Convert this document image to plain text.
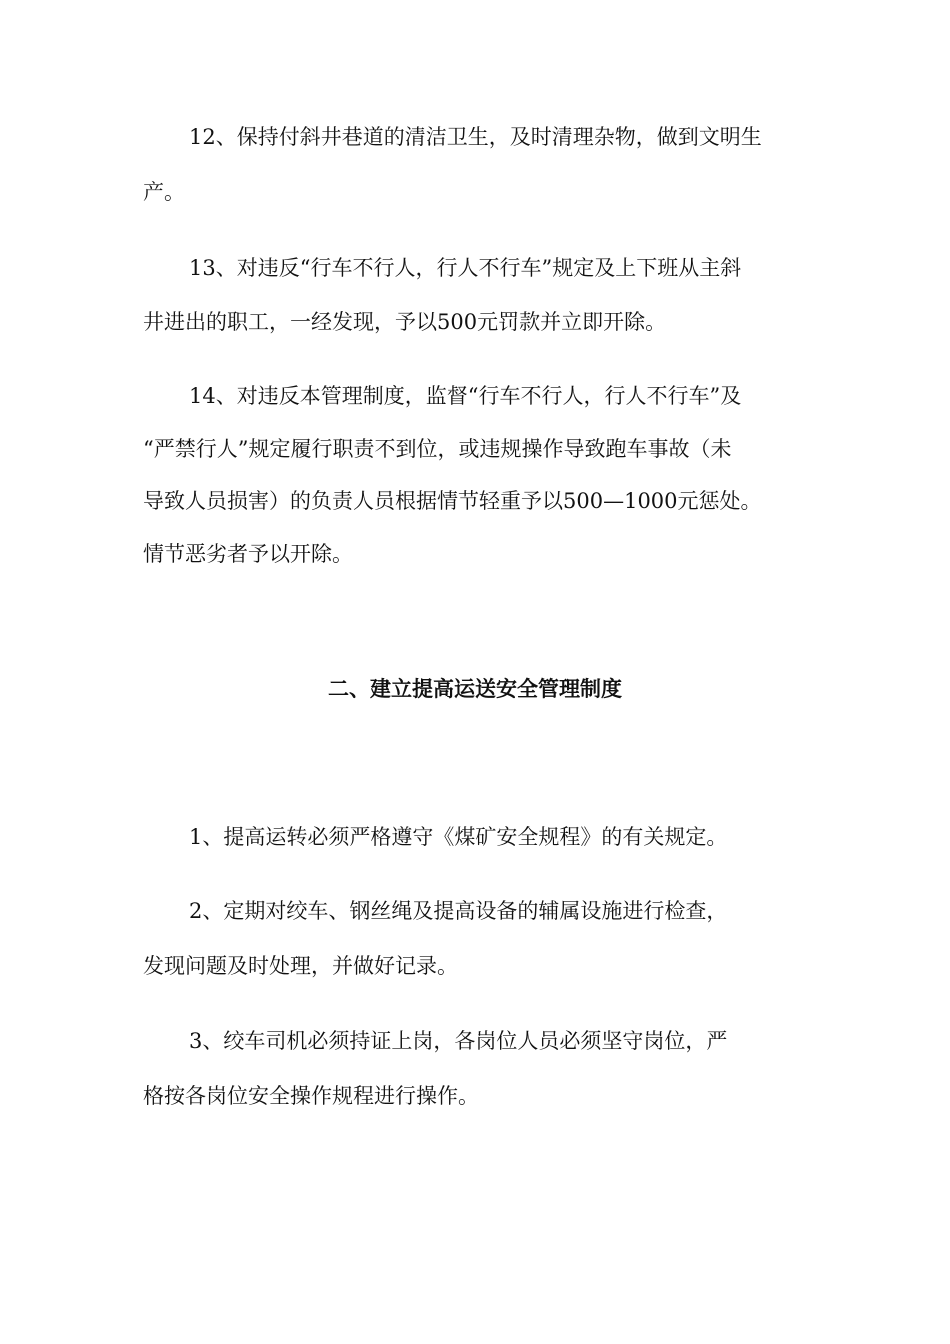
12、保持付斜井巷道的清洁卫生，及时清理杂物，做到文明生

产。

13、对违反“行车不行人，行人不行车”规定及上下班从主斜

井进出的职工，一经发现，予以500元罚款并立即开除。

14、对违反本管理制度，监督“行车不行人，行人不行车”及

“严禁行人”规定履行职责不到位，或违规操作导致跑车事故（未

导致人员损害）的负责人员根据情节轻重予以500—1000元惩处。

情节恶劣者予以开除。

二、建立提高运送安全管理制度

1、提高运转必须严格遵守《煤矿安全规程》的有关规定。

2、定期对绞车、钢丝绳及提高设备的辅属设施进行检查，

发现问题及时处理，并做好记录。

3、绞车司机必须持证上岗，各岗位人员必须坚守岗位，严

格按各岗位安全操作规程进行操作。
